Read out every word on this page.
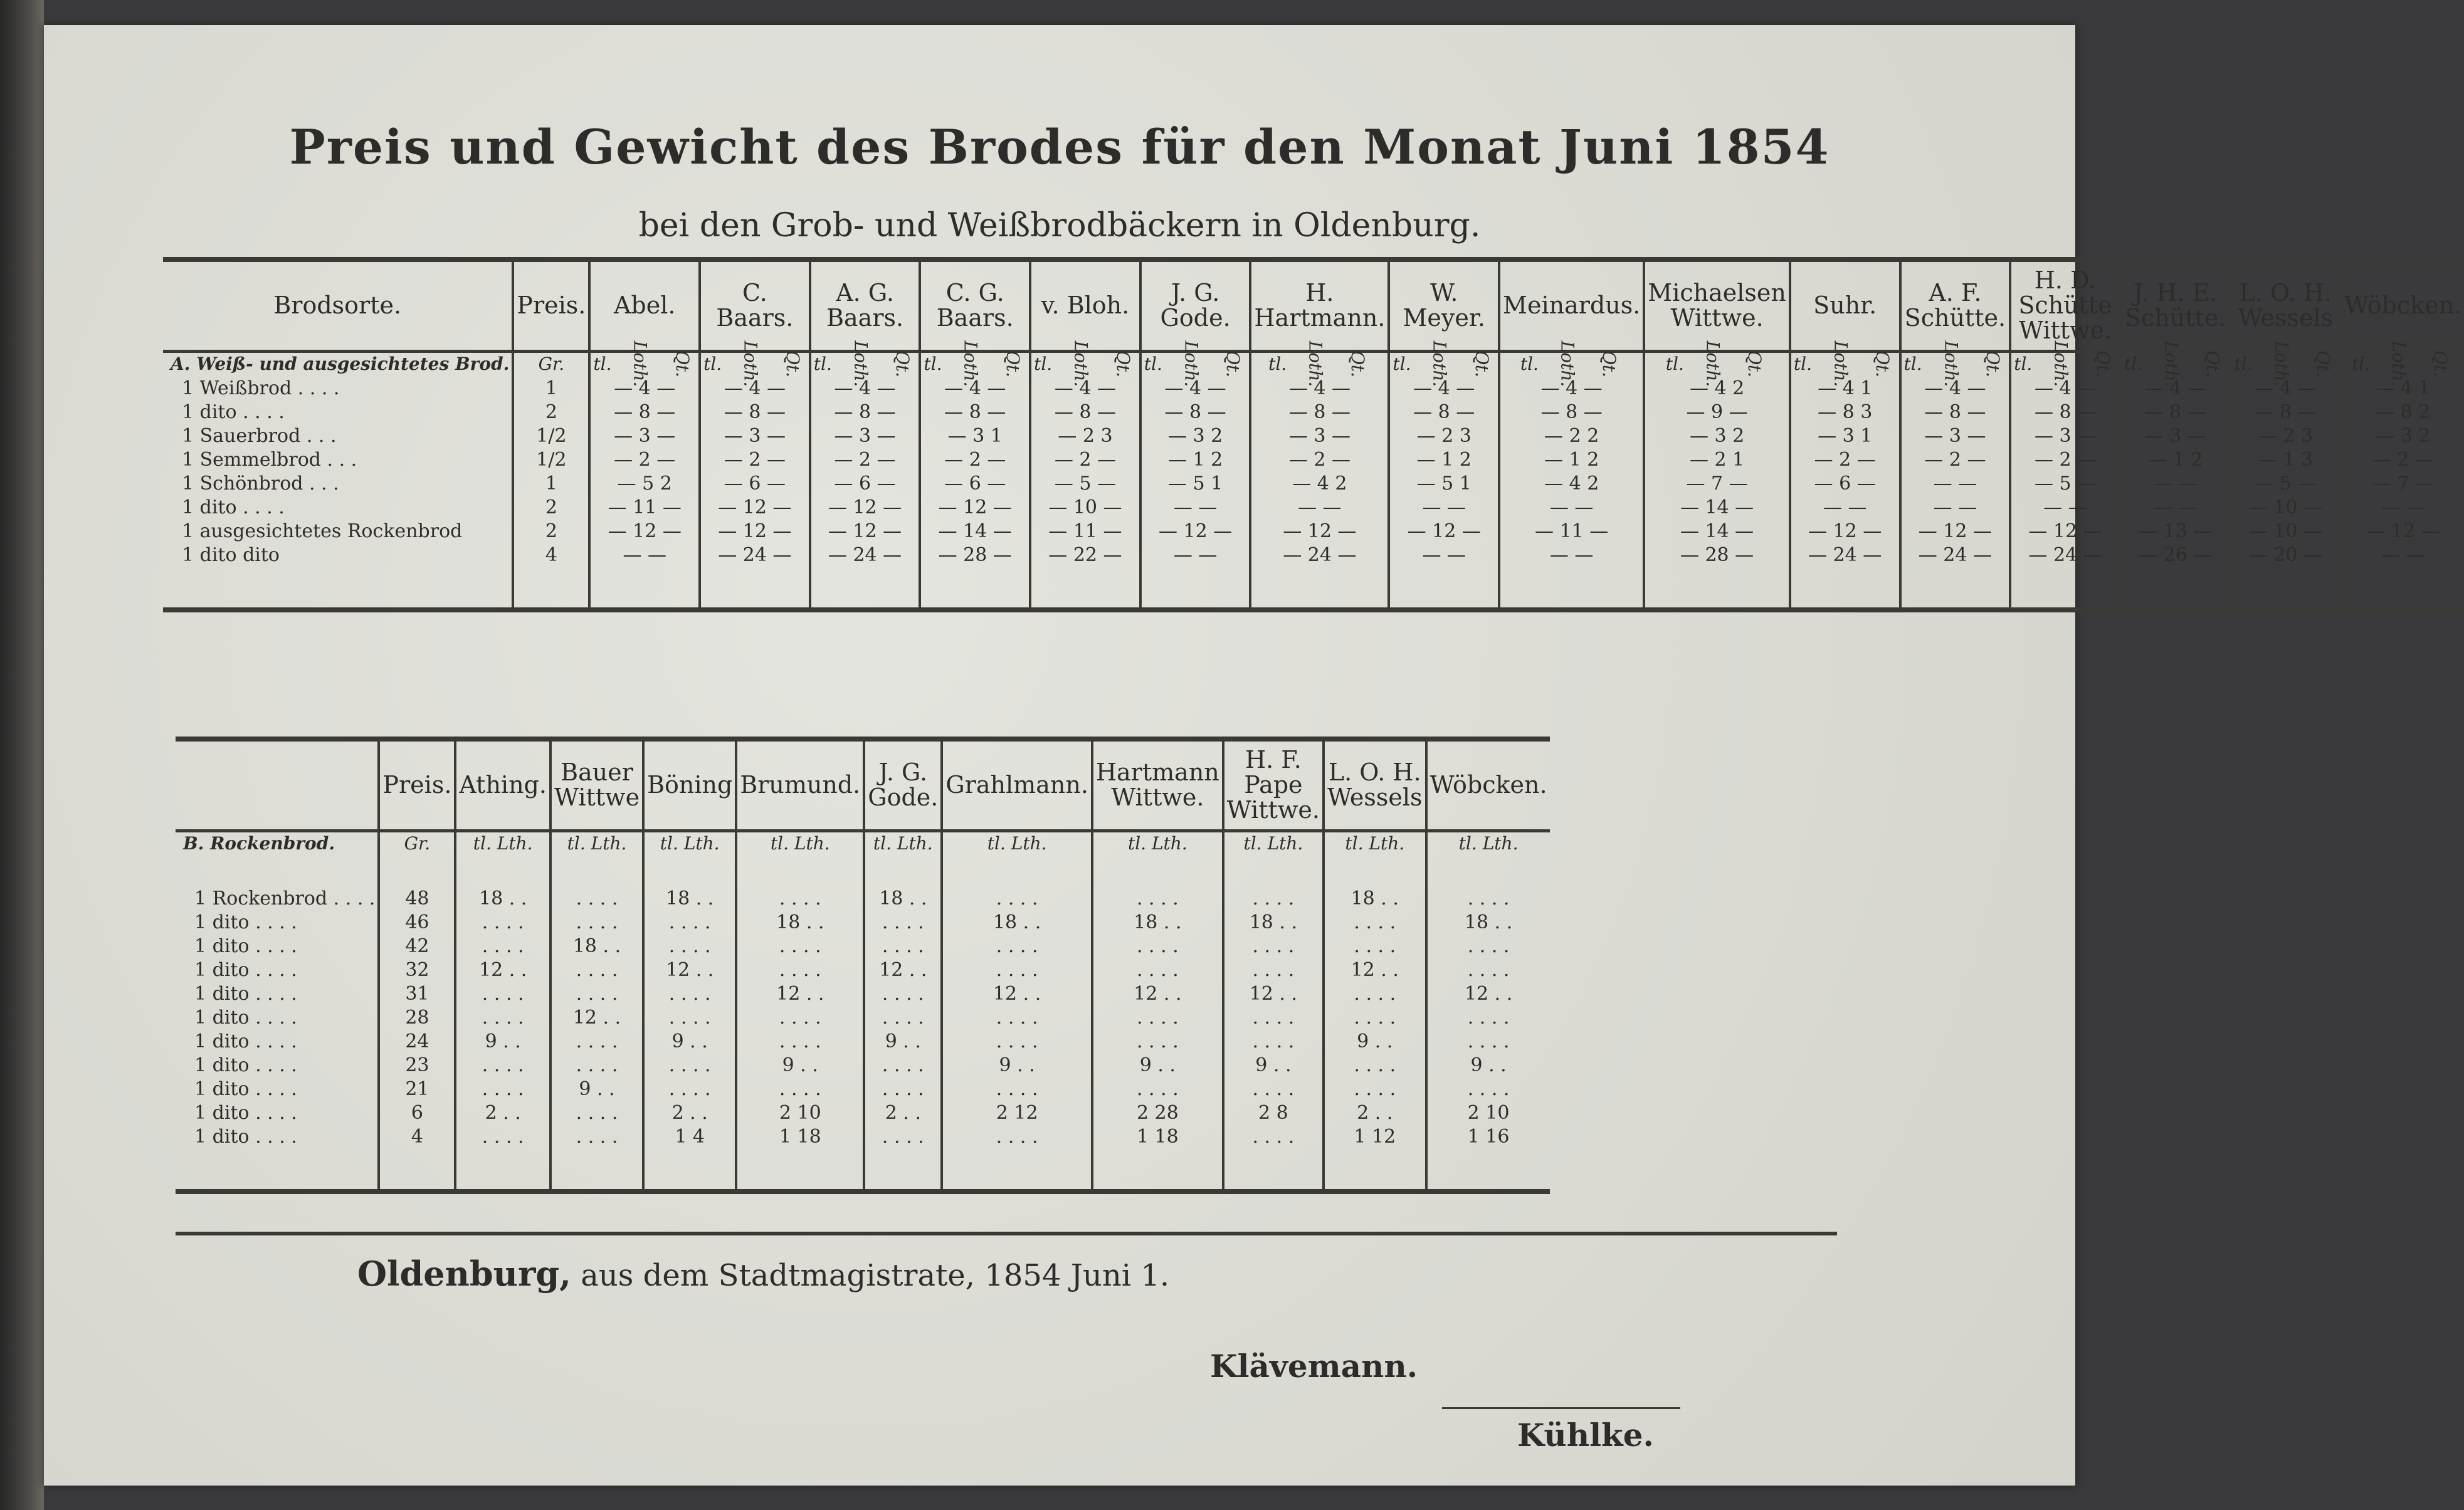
Preis und Gewicht des Brodes für den Monat Juni 1854
bei den Grob- und Weißbrodbäckern in Oldenburg.
Brodsorte.	Preis.	Abel.	C. Baars.	A. G. Baars.	C. G. Baars.	v. Bloh.	J. G. Gode.	H. Hartmann.	W. Meyer.	Meinardus.	Michaelsen Wittwe.	Suhr.	A. F. Schütte.	H. D. Schütte Wittwe.	J. H. E. Schütte.	L. O. H. Wessels	Wöbcken.
A. Weiß- und ausgesichtetes Brod.	Gr.	tl. Loth. Qt.	tl. Loth. Qt.	tl. Loth. Qt.	tl. Loth. Qt.	tl. Loth. Qt.	tl. Loth. Qt.	tl. Loth. Qt.	tl. Loth. Qt.	tl. Loth. Qt.	tl. Loth. Qt.	tl. Loth. Qt.	tl. Loth. Qt.	tl. Loth. Qt.	tl. Loth. Qt.	tl. Loth. Qt.	tl. Loth. Qt.
1 Weißbrod . . . .	1	— 4 —	— 4 —	— 4 —	— 4 —	— 4 —	— 4 —	— 4 —	— 4 —	— 4 —	— 4 2	— 4 1	— 4 —	— 4 —	— 4 —	— 4 —	— 4 1
1 dito . . . .	2	— 8 —	— 8 —	— 8 —	— 8 —	— 8 —	— 8 —	— 8 —	— 8 —	— 8 —	— 9 —	— 8 3	— 8 —	— 8 —	— 8 —	— 8 —	— 8 2
1 Sauerbrod . . .	1/2	— 3 —	— 3 —	— 3 —	— 3 1	— 2 3	— 3 2	— 3 —	— 2 3	— 2 2	— 3 2	— 3 1	— 3 —	— 3 —	— 3 —	— 2 3	— 3 2
1 Semmelbrod . . .	1/2	— 2 —	— 2 —	— 2 —	— 2 —	— 2 —	— 1 2	— 2 —	— 1 2	— 1 2	— 2 1	— 2 —	— 2 —	— 2 —	— 1 2	— 1 3	— 2 —
1 Schönbrod . . .	1	— 5 2	— 6 —	— 6 —	— 6 —	— 5 —	— 5 1	— 4 2	— 5 1	— 4 2	— 7 —	— 6 —	— —	— 5 —	— —	— 5 —	— 7 —
1 dito . . . .	2	— 11 —	— 12 —	— 12 —	— 12 —	— 10 —	— —	— —	— —	— —	— 14 —	— —	— —	— —	— —	— 10 —	— —
1 ausgesichtetes Rockenbrod	2	— 12 —	— 12 —	— 12 —	— 14 —	— 11 —	— 12 —	— 12 —	— 12 —	— 11 —	— 14 —	— 12 —	— 12 —	— 12 —	— 13 —	— 10 —	— 12 —
1 dito dito	4	— —	— 24 —	— 24 —	— 28 —	— 22 —	— —	— 24 —	— —	— —	— 28 —	— 24 —	— 24 —	— 24 —	— 26 —	— 20 —	— —
	Preis.	Athing.	Bauer Wittwe	Böning	Brumund.	J. G. Gode.	Grahlmann.	Hartmann Wittwe.	H. F. Pape Wittwe.	L. O. H. Wessels	Wöbcken.
B. Rockenbrod.	Gr.	tl. Lth.	tl. Lth.	tl. Lth.	tl. Lth.	tl. Lth.	tl. Lth.	tl. Lth.	tl. Lth.	tl. Lth.	tl. Lth.
1 Rockenbrod . . . .	48	18 . .	. . . .	18 . .	. . . .	18 . .	. . . .	. . . .	. . . .	18 . .	. . . .
1 dito . . . .	46	. . . .	. . . .	. . . .	18 . .	. . . .	18 . .	18 . .	18 . .	. . . .	18 . .
1 dito . . . .	42	. . . .	18 . .	. . . .	. . . .	. . . .	. . . .	. . . .	. . . .	. . . .	. . . .
1 dito . . . .	32	12 . .	. . . .	12 . .	. . . .	12 . .	. . . .	. . . .	. . . .	12 . .	. . . .
1 dito . . . .	31	. . . .	. . . .	. . . .	12 . .	. . . .	12 . .	12 . .	12 . .	. . . .	12 . .
1 dito . . . .	28	. . . .	12 . .	. . . .	. . . .	. . . .	. . . .	. . . .	. . . .	. . . .	. . . .
1 dito . . . .	24	9 . .	. . . .	9 . .	. . . .	9 . .	. . . .	. . . .	. . . .	9 . .	. . . .
1 dito . . . .	23	. . . .	. . . .	. . . .	9 . .	. . . .	9 . .	9 . .	9 . .	. . . .	9 . .
1 dito . . . .	21	. . . .	9 . .	. . . .	. . . .	. . . .	. . . .	. . . .	. . . .	. . . .	. . . .
1 dito . . . .	6	2 . .	. . . .	2 . .	2 10	2 . .	2 12	2 28	2 8	2 . .	2 10
1 dito . . . .	4	. . . .	. . . .	1 4	1 18	. . . .	. . . .	1 18	. . . .	1 12	1 16
Oldenburg, aus dem Stadtmagistrate, 1854 Juni 1.
Klävemann.
Kühlke.
